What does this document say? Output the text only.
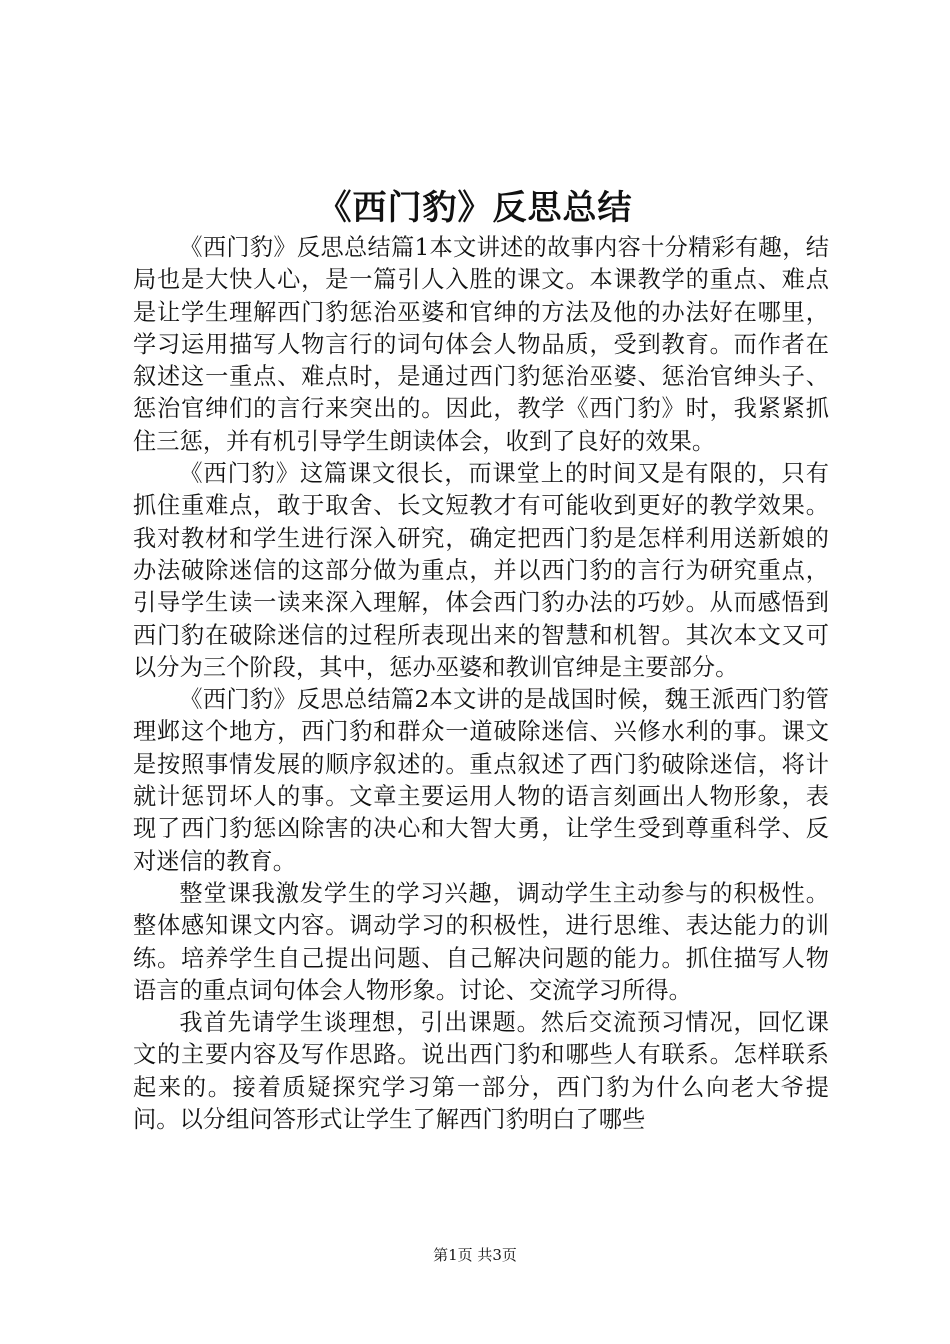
《西门豹》反思总结

《西门豹》反思总结篇1本文讲述的故事内容十分精彩有趣，结局也是大快人心，是一篇引人入胜的课文。本课教学的重点、难点是让学生理解西门豹惩治巫婆和官绅的方法及他的办法好在哪里，学习运用描写人物言行的词句体会人物品质，受到教育。而作者在叙述这一重点、难点时，是通过西门豹惩治巫婆、惩治官绅头子、惩治官绅们的言行来突出的。因此，教学《西门豹》时，我紧紧抓住三惩，并有机引导学生朗读体会，收到了良好的效果。

《西门豹》这篇课文很长，而课堂上的时间又是有限的，只有抓住重难点，敢于取舍、长文短教才有可能收到更好的教学效果。我对教材和学生进行深入研究，确定把西门豹是怎样利用送新娘的办法破除迷信的这部分做为重点，并以西门豹的言行为研究重点，引导学生读一读来深入理解，体会西门豹办法的巧妙。从而感悟到西门豹在破除迷信的过程所表现出来的智慧和机智。其次本文又可以分为三个阶段，其中，惩办巫婆和教训官绅是主要部分。

《西门豹》反思总结篇2本文讲的是战国时候，魏王派西门豹管理邺这个地方，西门豹和群众一道破除迷信、兴修水利的事。课文是按照事情发展的顺序叙述的。重点叙述了西门豹破除迷信，将计就计惩罚坏人的事。文章主要运用人物的语言刻画出人物形象，表现了西门豹惩凶除害的决心和大智大勇，让学生受到尊重科学、反对迷信的教育。

整堂课我激发学生的学习兴趣，调动学生主动参与的积极性。整体感知课文内容。调动学习的积极性，进行思维、表达能力的训练。培养学生自己提出问题、自己解决问题的能力。抓住描写人物语言的重点词句体会人物形象。讨论、交流学习所得。

我首先请学生谈理想，引出课题。然后交流预习情况，回忆课文的主要内容及写作思路。说出西门豹和哪些人有联系。怎样联系起来的。接着质疑探究学习第一部分，西门豹为什么向老大爷提问。以分组问答形式让学生了解西门豹明白了哪些

第1页 共3页
